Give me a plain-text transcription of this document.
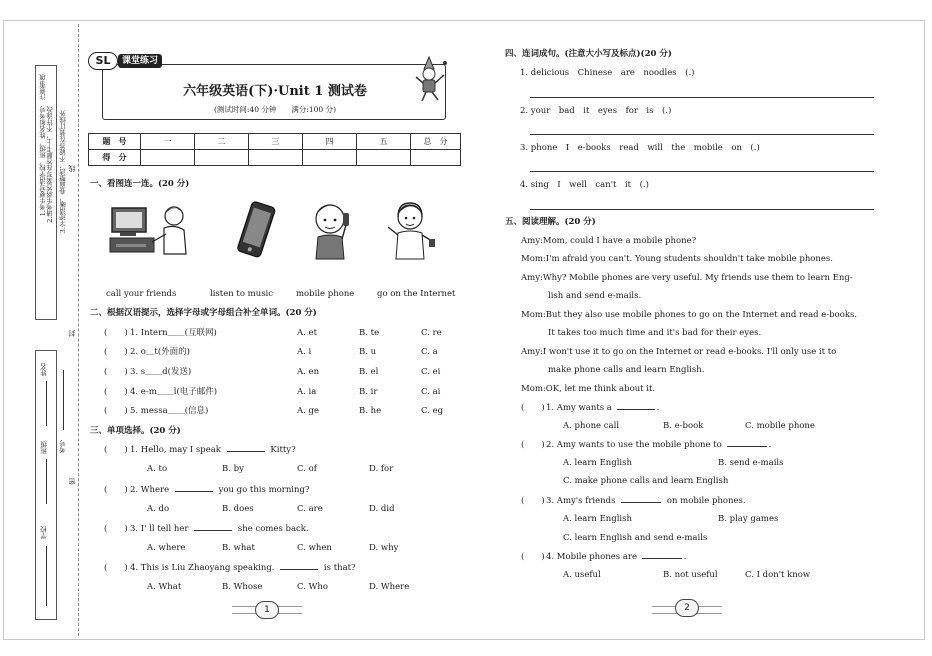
注意事项
1.考生要写清学校、班级、姓名和考号 2.请考生将答案写在答题卡上，不许涂改 3.字迹清晰，卷面整洁，不能答在装订线外 线
封
密
姓名
班级
学校
考号
SL	课堂练习
六年级英语(下)·Unit 1 测试卷
(测试时间:40 分钟　　满分:100 分)
题　号	一	二	三	四	五	总　分
得　分						
一、看图连一连。(20 分)
call your friends	listen to music	mobile phone	go on the Internet
二、根据汉语提示，选择字母或字母组合补全单词。(20 分)
(　　) 1. Intern＿＿(互联网)	A. et	B. te	C. re
(　　) 2. o＿t(外面的)	A. i	B. u	C. a
(　　) 3. s＿＿d(发送)	A. en	B. el	C. ei
(　　) 4. e-m＿＿l(电子邮件)	A. ia	B. ir	C. ai
(　　) 5. messa＿＿(信息)	A. ge	B. he	C. eg
三、单项选择。(20 分)
(　　) 1. Hello, may I speak	Kitty?
A. to	B. by	C. of	D. for
(　　) 2. Where	you go this morning?
A. do	B. does	C. are	D. did
(　　) 3. I' ll tell her	she comes back.
A. where	B. what	C. when	D. why
(　　) 4. This is Liu Zhaoyang speaking.	is that?
A. What	B. Whose	C. Who	D. Where
1
四、连词成句。(注意大小写及标点)(20 分)
1. delicious　Chinese　are　noodles　(.)
2. your　bad　it　eyes　for　is　(.)
3. phone　I　e-books　read　will　the　mobile　on　(.)
4. sing　I　well　can't　it　(.)
五、阅读理解。(20 分)
Amy:Mom, could I have a mobile phone?
Mom:I'm afraid you can't. Young students shouldn't take mobile phones.
Amy:Why? Mobile phones are very useful. My friends use them to learn Eng-
lish and send e-mails.
Mom:But they also use mobile phones to go on the Internet and read e-books.
It takes too much time and it's bad for their eyes.
Amy:I won't use it to go on the Internet or read e-books. I'll only use it to
make phone calls and learn English.
Mom:OK, let me think about it.
(　　) 1. Amy wants a	.
A. phone call	B. e-book	C. mobile phone
(　　) 2. Amy wants to use the mobile phone to	.
A. learn English	B. send e-mails
C. make phone calls and learn English
(　　) 3. Amy's friends	on mobile phones.
A. learn English	B. play games
C. learn English and send e-mails
(　　) 4. Mobile phones are	.
A. useful	B. not useful	C. I don't know
2
